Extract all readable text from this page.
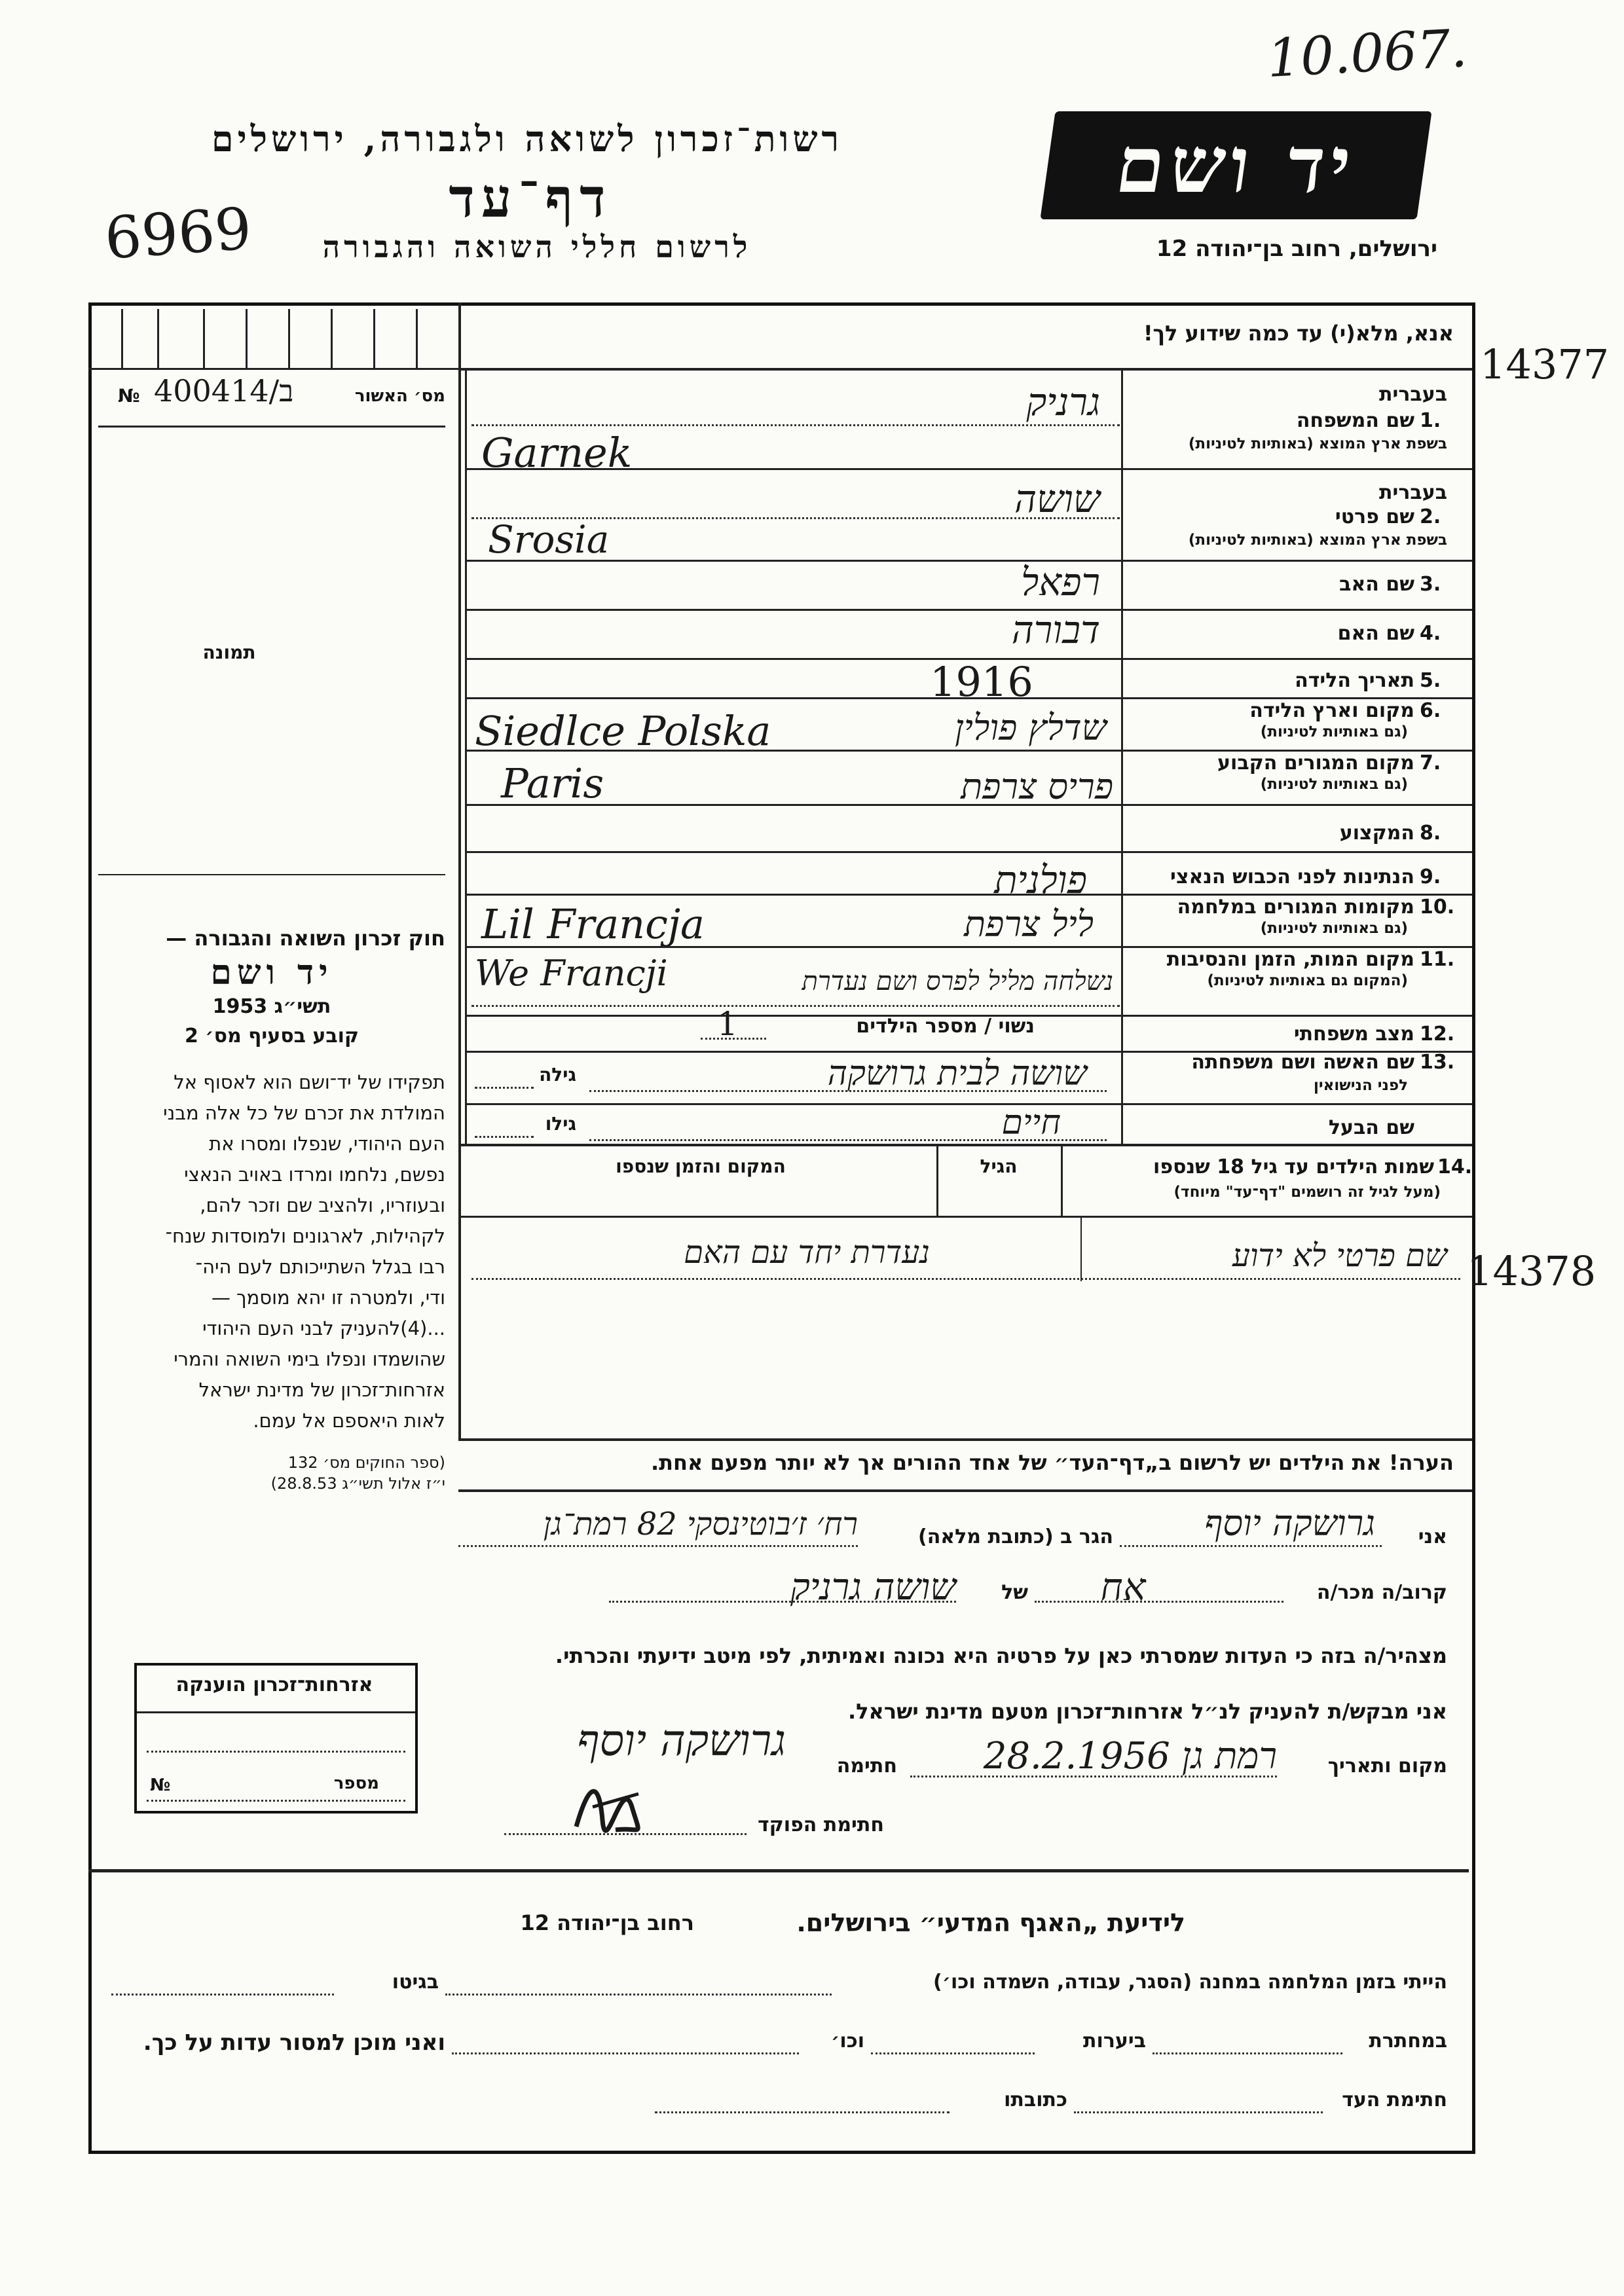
10.067.
רשות־זכרון לשואה ולגבורה, ירושלים
דף־עד
לרשום חללי השואה והגבורה
6969
יד ושם
ירושלים, רחוב בן־יהודה 12
14377
14378
№ 400414/ב	מס׳ האשור
תמונה
חוק זכרון השואה והגבורה —
יד ושם
תשי״ג 1953
קובע בסעיף מס׳ 2
תפקידו של יד־ושם הוא לאסוף אל
המולדת את זכרם של כל אלה מבני
העם היהודי, שנפלו ומסרו את
נפשם, נלחמו ומרדו באויב הנאצי
ובעוזריו, ולהציב שם וזכר להם,
לקהילות, לארגונים ולמוסדות שנח־
רבו בגלל השתייכותם לעם היה־
ודי, ולמטרה זו יהא מוסמך —
...(4)להעניק לבני העם היהודי
שהושמדו ונפלו בימי השואה והמרי
אזרחות־זכרון של מדינת ישראל
לאות היאספם אל עמם.
(ספר החוקים מס׳ 132
י״ז אלול תשי״ג 28.8.53)
אנא, מלא(י) עד כמה שידוע לך!
בעברית
1.
שם המשפחה
בשפת ארץ המוצא (באותיות לטיניות)
גרניק
Garnek
בעברית
2.
שם פרטי
בשפת ארץ המוצא (באותיות לטיניות)
שושה
Srosia
3.
שם האב
רפאל
4.
שם האם
דבורה
5.
תאריך הלידה
1916
6.
מקום וארץ הלידה
(גם באותיות לטיניות)
Siedlce Polska	שדלץ פולין
7.
מקום המגורים הקבוע
(גם באותיות לטיניות)
Paris	פריס צרפת
8.
המקצוע
9.
הנתינות לפני הכבוש הנאצי
פולנית
10.
מקומות המגורים במלחמה
(גם באותיות לטיניות)
Lil Francja	ליל צרפת
11.
מקום המות, הזמן והנסיבות
(המקום גם באותיות לטיניות)
We Francji	נשלחה מליל לפרס ושם נעדרת
12.
מצב משפחתי
נשוי / מספר הילדים
1
13.
שם האשה ושם משפחתה
לפני הנישואין
גילה	שושה לבית גרושקה
שם הבעל
גילו	חיים
14.
שמות הילדים עד גיל 18 שנספו
(מעל לגיל זה רושמים "דף־עד" מיוחד)
הגיל
המקום והזמן שנספו
שם פרטי לא ידוע
נעדרת יחד עם האם
הערה! את הילדים יש לרשום ב„דף־העד״ של אחד ההורים אך לא יותר מפעם אחת.
אני
גרושקה יוסף
הגר ב (כתובת מלאה)
רח׳ ז׳בוטינסקי 82 רמת־גן
קרוב/ה מכר/ה
אח
של
שושה גרניק
מצהיר/ה בזה כי העדות שמסרתי כאן על פרטיה היא נכונה ואמיתית, לפי מיטב ידיעתי והכרתי.
אני מבקש/ת להעניק לנ״ל אזרחות־זכרון מטעם מדינת ישראל.
מקום ותאריך
רמת גן 28.2.1956
חתימה
גרושקה יוסף
חתימת הפוקד
אזרחות־זכרון הוענקה
№	מספר
לידיעת „האגף המדעי״ בירושלים.
רחוב בן־יהודה 12
הייתי בזמן המלחמה במחנה (הסגר, עבודה, השמדה וכו׳)
בגיטו
במחתרת
ביערות
וכו׳
ואני מוכן למסור עדות על כך.
חתימת העד
כתובתו
